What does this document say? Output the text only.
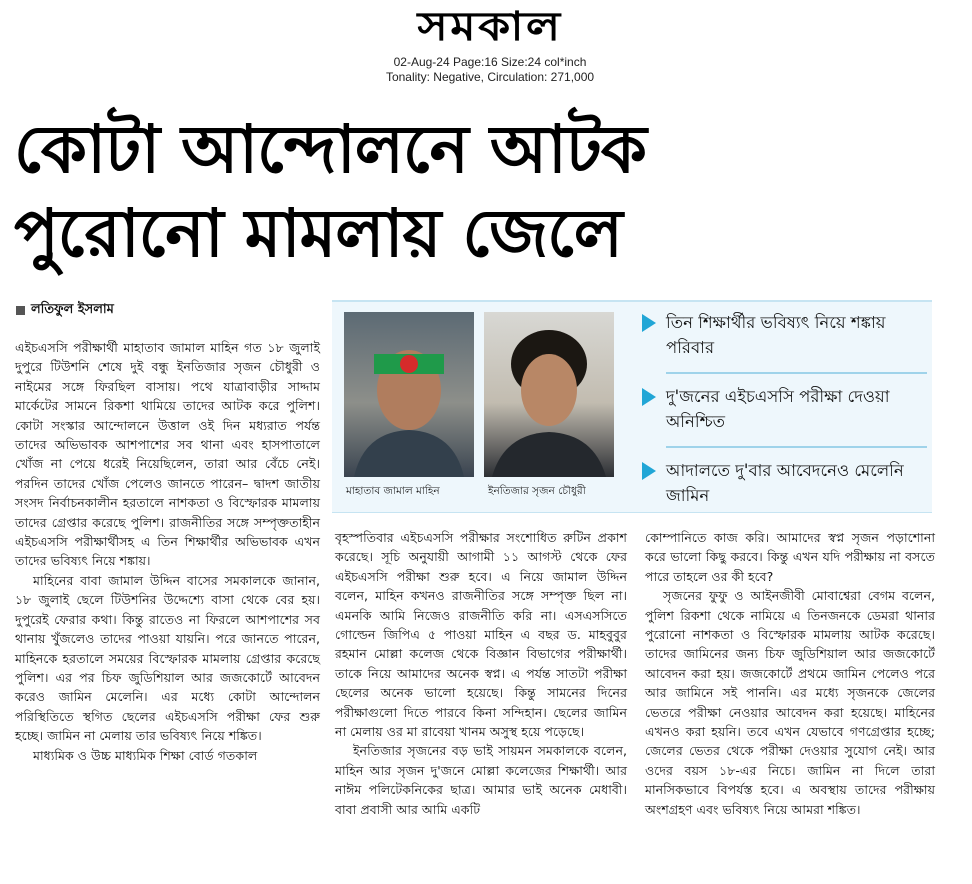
সমকাল
02-Aug-24 Page:16 Size:24 col*inch
Tonality: Negative, Circulation: 271,000
কোটা আন্দোলনে আটক
পুরোনো মামলায় জেলে
লতিফুল ইসলাম

এইচএসসি পরীক্ষার্থী মাহাতাব জামাল মাহিন গত ১৮ জুলাই দুপুরে টিউশনি শেষে দুই বন্ধু ইনতিজার সৃজন চৌধুরী ও নাইমের সঙ্গে ফিরছিল বাসায়। পথে যাত্রাবাড়ীর সাদ্দাম মার্কেটের সামনে রিকশা থামিয়ে তাদের আটক করে পুলিশ। কোটা সংস্কার আন্দোলনে উত্তাল ওই দিন মধ্যরাত পর্যন্ত তাদের অভিভাবক আশপাশের সব থানা এবং হাসপাতালে খোঁজ না পেয়ে ধরেই নিয়েছিলেন, তারা আর বেঁচে নেই। পরদিন তাদের খোঁজ পেলেও জানতে পারেন– দ্বাদশ জাতীয় সংসদ নির্বাচনকালীন হরতালে নাশকতা ও বিস্ফোরক মামলায় তাদের গ্রেপ্তার করেছে পুলিশ। রাজনীতির সঙ্গে সম্পৃক্ততাহীন এইচএসসি পরীক্ষার্থীসহ এ তিন শিক্ষার্থীর অভিভাবক এখন তাদের ভবিষ্যৎ নিয়ে শঙ্কায়।

মাহিনের বাবা জামাল উদ্দিন বাসের সমকালকে জানান, ১৮ জুলাই ছেলে টিউশনির উদ্দেশ্যে বাসা থেকে বের হয়। দুপুরেই ফেরার কথা। কিন্তু রাতেও না ফিরলে আশপাশের সব থানায় খুঁজলেও তাদের পাওয়া যায়নি। পরে জানতে পারেন, মাহিনকে হরতালে সময়ের বিস্ফোরক মামলায় গ্রেপ্তার করেছে পুলিশ। এর পর চিফ জুডিশিয়াল আর জজকোর্টে আবেদন করেও জামিন মেলেনি। এর মধ্যে কোটা আন্দোলন পরিস্থিতিতে স্থগিত ছেলের এইচএসসি পরীক্ষা ফের শুরু হচ্ছে। জামিন না মেলায় তার ভবিষ্যৎ নিয়ে শঙ্কিত।

মাধ্যমিক ও উচ্চ মাধ্যমিক শিক্ষা বোর্ড গতকাল

মাহাতাব জামাল মাহিন	ইনতিজার সৃজন চৌধুরী
তিন শিক্ষার্থীর ভবিষ্যৎ নিয়ে শঙ্কায় পরিবার
দু'জনের এইচএসসি পরীক্ষা দেওয়া অনিশ্চিত
আদালতে দু'বার আবেদনেও মেলেনি জামিন

বৃহস্পতিবার এইচএসসি পরীক্ষার সংশোধিত রুটিন প্রকাশ করেছে। সূচি অনুযায়ী আগামী ১১ আগস্ট থেকে ফের এইচএসসি পরীক্ষা শুরু হবে। এ নিয়ে জামাল উদ্দিন বলেন, মাহিন কখনও রাজনীতির সঙ্গে সম্পৃক্ত ছিল না। এমনকি আমি নিজেও রাজনীতি করি না। এসএসসিতে গোল্ডেন জিপিএ ৫ পাওয়া মাহিন এ বছর ড. মাহবুবুর রহমান মোল্লা কলেজ থেকে বিজ্ঞান বিভাগের পরীক্ষার্থী। তাকে নিয়ে আমাদের অনেক স্বপ্ন। এ পর্যন্ত সাতটা পরীক্ষা ছেলের অনেক ভালো হয়েছে। কিন্তু সামনের দিনের পরীক্ষাগুলো দিতে পারবে কিনা সন্দিহান। ছেলের জামিন না মেলায় ওর মা রাবেয়া খানম অসুস্থ হয়ে পড়েছে।

ইনতিজার সৃজনের বড় ভাই সায়মন সমকালকে বলেন, মাহিন আর সৃজন দু'জনে মোল্লা কলেজের শিক্ষার্থী। আর নাঈম পলিটেকনিকের ছাত্র। আমার ভাই অনেক মেধাবী। বাবা প্রবাসী আর আমি একটি

কোম্পানিতে কাজ করি। আমাদের স্বপ্ন সৃজন পড়াশোনা করে ভালো কিছু করবে। কিন্তু এখন যদি পরীক্ষায় না বসতে পারে তাহলে ওর কী হবে?

সৃজনের ফুফু ও আইনজীবী মোবাশ্বেরা বেগম বলেন, পুলিশ রিকশা থেকে নামিয়ে এ তিনজনকে ডেমরা থানার পুরোনো নাশকতা ও বিস্ফোরক মামলায় আটক করেছে। তাদের জামিনের জন্য চিফ জুডিশিয়াল আর জজকোর্টে আবেদন করা হয়। জজকোর্টে প্রথমে জামিন পেলেও পরে আর জামিনে সই পাননি। এর মধ্যে সৃজনকে জেলের ভেতরে পরীক্ষা নেওয়ার আবেদন করা হয়েছে। মাহিনের এখনও করা হয়নি। তবে এখন যেভাবে গণগ্রেপ্তার হচ্ছে; জেলের ভেতর থেকে পরীক্ষা দেওয়ার সুযোগ নেই। আর ওদের বয়স ১৮-এর নিচে। জামিন না দিলে তারা মানসিকভাবে বিপর্যস্ত হবে। এ অবস্থায় তাদের পরীক্ষায় অংশগ্রহণ এবং ভবিষ্যৎ নিয়ে আমরা শঙ্কিত।
